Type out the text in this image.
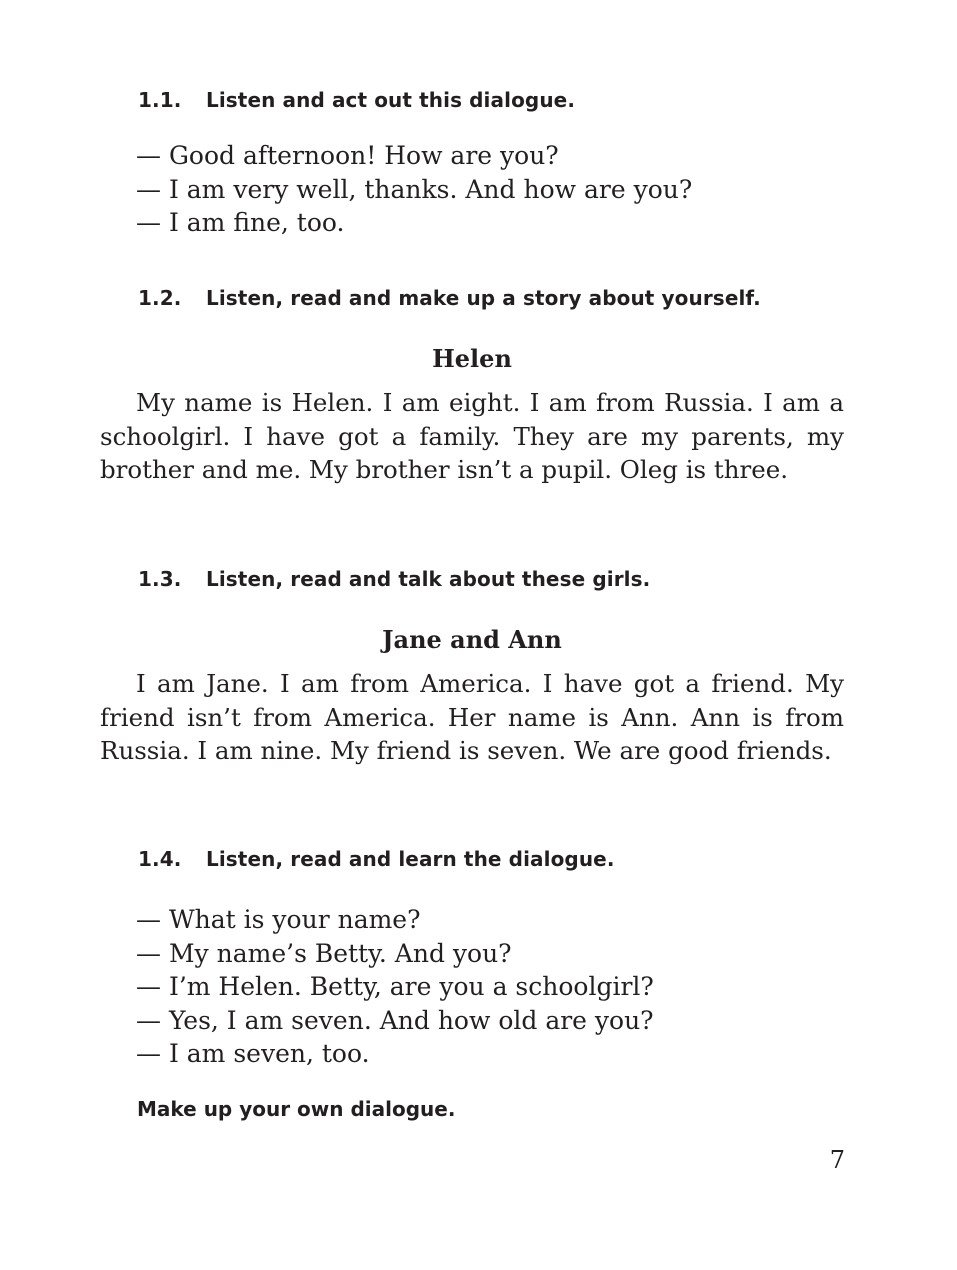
1.1. Listen and act out this dialogue.
— Good afternoon! How are you?
— I am very well, thanks. And how are you?
— I am fine, too.
1.2. Listen, read and make up a story about yourself.
Helen

My name is Helen. I am eight. I am from Russia. I am a schoolgirl. I have got a family. They are my parents, my brother and me. My brother isn’t a pupil. Oleg is three.

1.3. Listen, read and talk about these girls.
Jane and Ann

I am Jane. I am from America. I have got a friend. My friend isn’t from America. Her name is Ann. Ann is from Russia. I am nine. My friend is seven. We are good friends.

1.4. Listen, read and learn the dialogue.
— What is your name?
— My name’s Betty. And you?
— I’m Helen. Betty, are you a schoolgirl?
— Yes, I am seven. And how old are you?
— I am seven, too.
Make up your own dialogue.
7
